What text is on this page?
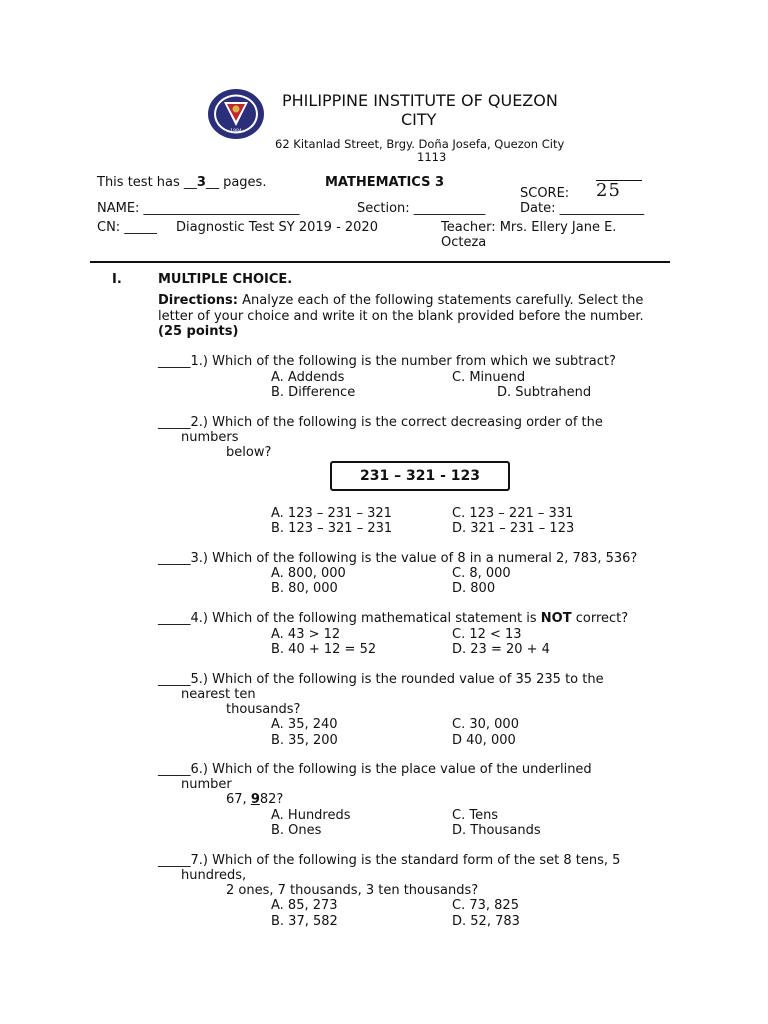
1984
PHILIPPINE INSTITUTE OF QUEZON
CITY
62 Kitanlad Street, Brgy. Doña Josefa, Quezon City
1113
This test has __3__ pages.	MATHEMATICS 3
SCORE: 25
NAME: ________________________	Section: ___________	Date: _____________
CN: _____ Diagnostic Test SY 2019 - 2020	Teacher: Mrs. Ellery Jane E.
Octeza
I.	MULTIPLE CHOICE.
Directions: Analyze each of the following statements carefully. Select the
letter of your choice and write it on the blank provided before the number.
(25 points)
_____1.) Which of the following is the number from which we subtract?
A. Addends	C. Minuend
B. Difference	D. Subtrahend
_____2.) Which of the following is the correct decreasing order of the
numbers
below?
231 – 321 - 123
A. 123 – 231 – 321	C. 123 – 221 – 331
B. 123 – 321 – 231	D. 321 – 231 – 123
_____3.) Which of the following is the value of 8 in a numeral 2, 783, 536?
A. 800, 000	C. 8, 000
B. 80, 000	D. 800
_____4.) Which of the following mathematical statement is NOT correct?
A. 43 > 12	C. 12 < 13
B. 40 + 12 = 52	D. 23 = 20 + 4
_____5.) Which of the following is the rounded value of 35 235 to the
nearest ten
thousands?
A. 35, 240	C. 30, 000
B. 35, 200	D 40, 000
_____6.) Which of the following is the place value of the underlined
number
67, 982?
A. Hundreds	C. Tens
B. Ones	D. Thousands
_____7.) Which of the following is the standard form of the set 8 tens, 5
hundreds,
2 ones, 7 thousands, 3 ten thousands?
A. 85, 273	C. 73, 825
B. 37, 582	D. 52, 783
